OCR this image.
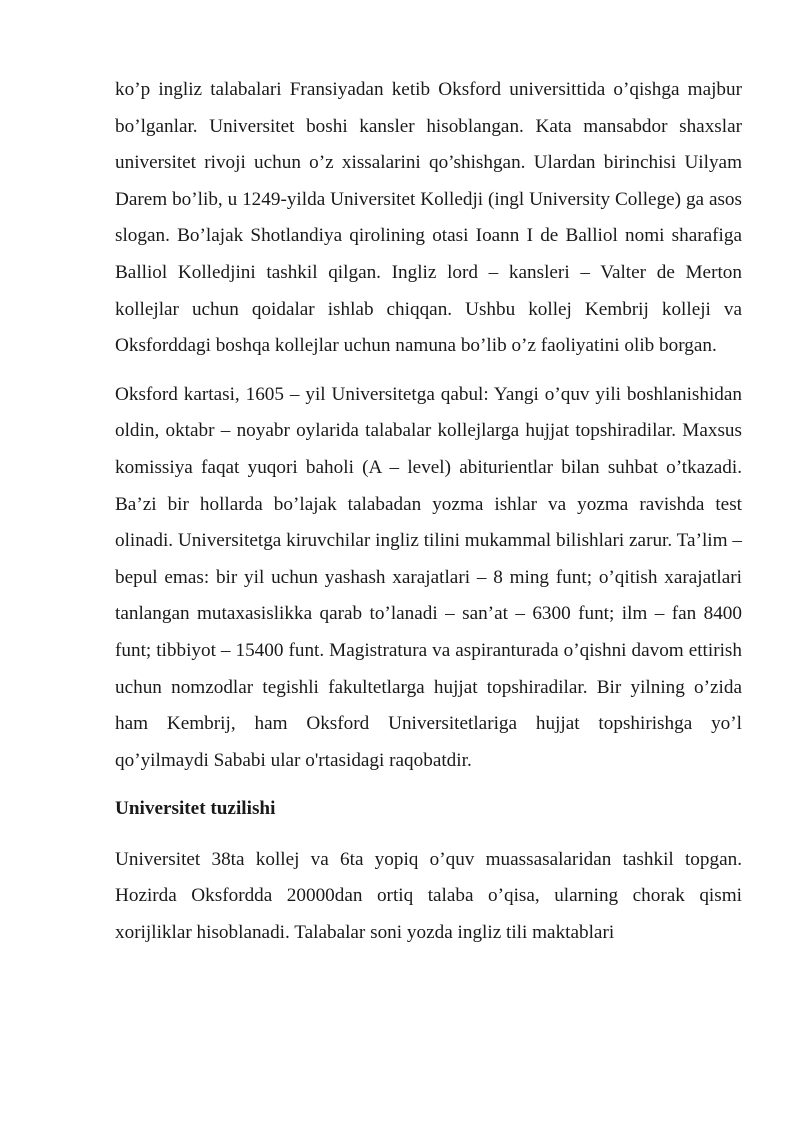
ko’p ingliz talabalari Fransiyadan ketib Oksford universittida o’qishga majbur bo’lganlar. Universitet boshi kansler hisoblangan. Kata mansabdor shaxslar universitet rivoji uchun o’z xissalarini qo’shishgan. Ulardan birinchisi Uilyam Darem bo’lib, u 1249-yilda Universitet Kolledji (ingl University College) ga asos slogan. Bo’lajak Shotlandiya qirolining otasi Ioann I de Balliol nomi sharafiga Balliol Kolledjini tashkil qilgan. Ingliz lord – kansleri – Valter de Merton kollejlar uchun qoidalar ishlab chiqqan. Ushbu kollej Kembrij kolleji va Oksforddagi boshqa kollejlar uchun namuna bo’lib o’z faoliyatini olib borgan.

Oksford kartasi, 1605 – yil Universitetga qabul: Yangi o’quv yili boshlanishidan oldin, oktabr – noyabr oylarida talabalar kollejlarga hujjat topshiradilar. Maxsus komissiya faqat yuqori baholi (A – level) abiturientlar bilan suhbat o’tkazadi. Ba’zi bir hollarda bo’lajak talabadan yozma ishlar va yozma ravishda test olinadi. Universitetga kiruvchilar ingliz tilini mukammal bilishlari zarur. Ta’lim – bepul emas: bir yil uchun yashash xarajatlari – 8 ming funt; o’qitish xarajatlari tanlangan mutaxasislikka qarab to’lanadi – san’at – 6300 funt; ilm – fan 8400 funt; tibbiyot – 15400 funt. Magistratura va aspiranturada o’qishni davom ettirish uchun nomzodlar tegishli fakultetlarga hujjat topshiradilar. Bir yilning o’zida ham Kembrij, ham Oksford Universitetlariga hujjat topshirishga yo’l qo’yilmaydi Sababi ular o'rtasidagi raqobatdir.

Universitet tuzilishi

Universitet 38ta kollej va 6ta yopiq o’quv muassasalaridan tashkil topgan. Hozirda Oksfordda 20000dan ortiq talaba o’qisa, ularning chorak qismi xorijliklar hisoblanadi. Talabalar soni yozda ingliz tili maktablari
